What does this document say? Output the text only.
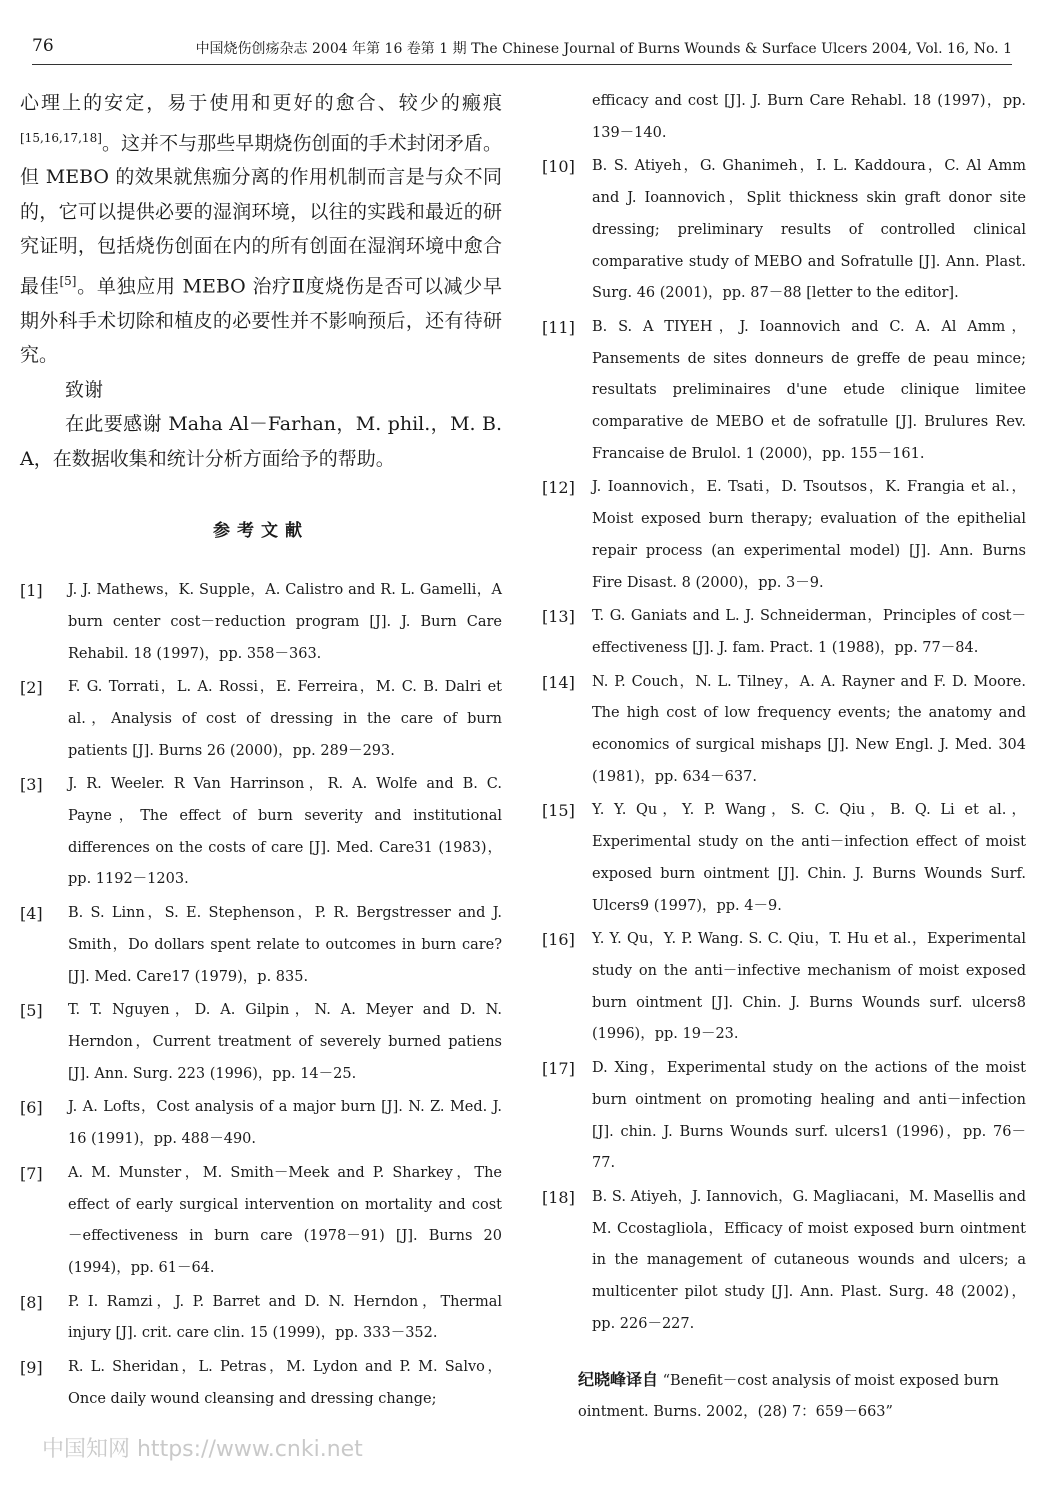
76	中国烧伤创疡杂志 2004 年第 16 卷第 1 期 The Chinese Journal of Burns Wounds & Surface Ulcers 2004, Vol. 16, No. 1

心理上的安定，易于使用和更好的愈合、较少的瘢痕[15,16,17,18]。这并不与那些早期烧伤创面的手术封闭矛盾。但 MEBO 的效果就焦痂分离的作用机制而言是与众不同的，它可以提供必要的湿润环境，以往的实践和最近的研究证明，包括烧伤创面在内的所有创面在湿润环境中愈合最佳[5]。单独应用 MEBO 治疗Ⅱ度烧伤是否可以减少早期外科手术切除和植皮的必要性并不影响预后，还有待研究。

致谢

在此要感谢 Maha Al－Farhan，M. phil.，M. B. A，在数据收集和统计分析方面给予的帮助。

参考文献
[1] J. J. Mathews，K. Supple，A. Calistro and R. L. Gamelli，A burn center cost－reduction program [J]. J. Burn Care Rehabil. 18 (1997)，pp. 358－363.
[2] F. G. Torrati，L. A. Rossi，E. Ferreira，M. C. B. Dalri et al.，Analysis of cost of dressing in the care of burn patients [J]. Burns 26 (2000)，pp. 289－293.
[3] J. R. Weeler. R Van Harrinson，R. A. Wolfe and B. C. Payne，The effect of burn severity and institutional differences on the costs of care [J]. Med. Care31 (1983)，pp. 1192－1203.
[4] B. S. Linn，S. E. Stephenson，P. R. Bergstresser and J. Smith，Do dollars spent relate to outcomes in burn care? [J]. Med. Care17 (1979)，p. 835.
[5] T. T. Nguyen，D. A. Gilpin，N. A. Meyer and D. N. Herndon，Current treatment of severely burned patiens [J]. Ann. Surg. 223 (1996)，pp. 14－25.
[6] J. A. Lofts，Cost analysis of a major burn [J]. N. Z. Med. J. 16 (1991)，pp. 488－490.
[7] A. M. Munster，M. Smith－Meek and P. Sharkey，The effect of early surgical intervention on mortality and cost－effectiveness in burn care (1978－91) [J]. Burns 20 (1994)，pp. 61－64.
[8] P. I. Ramzi，J. P. Barret and D. N. Herndon，Thermal injury [J]. crit. care clin. 15 (1999)，pp. 333－352.
[9] R. L. Sheridan，L. Petras，M. Lydon and P. M. Salvo，Once daily wound cleansing and dressing change;
efficacy and cost [J]. J. Burn Care Rehabl. 18 (1997)，pp. 139－140.
[10] B. S. Atiyeh，G. Ghanimeh，I. L. Kaddoura，C. Al Amm and J. Ioannovich，Split thickness skin graft donor site dressing; preliminary results of controlled clinical comparative study of MEBO and Sofratulle [J]. Ann. Plast. Surg. 46 (2001)，pp. 87－88 [letter to the editor].
[11] B. S. A TIYEH，J. Ioannovich and C. A. Al Amm，Pansements de sites donneurs de greffe de peau mince; resultats preliminaires d'une etude clinique limitee comparative de MEBO et de sofratulle [J]. Brulures Rev. Francaise de Brulol. 1 (2000)，pp. 155－161.
[12] J. Ioannovich，E. Tsati，D. Tsoutsos，K. Frangia et al.，Moist exposed burn therapy; evaluation of the epithelial repair process (an experimental model) [J]. Ann. Burns Fire Disast. 8 (2000)，pp. 3－9.
[13] T. G. Ganiats and L. J. Schneiderman，Principles of cost－effectiveness [J]. J. fam. Pract. 1 (1988)，pp. 77－84.
[14] N. P. Couch，N. L. Tilney，A. A. Rayner and F. D. Moore. The high cost of low frequency events; the anatomy and economics of surgical mishaps [J]. New Engl. J. Med. 304 (1981)，pp. 634－637.
[15] Y. Y. Qu，Y. P. Wang，S. C. Qiu，B. Q. Li et al.，Experimental study on the anti－infection effect of moist exposed burn ointment [J]. Chin. J. Burns Wounds Surf. Ulcers9 (1997)，pp. 4－9.
[16] Y. Y. Qu，Y. P. Wang. S. C. Qiu，T. Hu et al.，Experimental study on the anti－infective mechanism of moist exposed burn ointment [J]. Chin. J. Burns Wounds surf. ulcers8 (1996)，pp. 19－23.
[17] D. Xing，Experimental study on the actions of the moist burn ointment on promoting healing and anti－infection [J]. chin. J. Burns Wounds surf. ulcers1 (1996)，pp. 76－77.
[18] B. S. Atiyeh，J. Iannovich，G. Magliacani，M. Masellis and M. Ccostagliola，Efficacy of moist exposed burn ointment in the management of cutaneous wounds and ulcers; a multicenter pilot study [J]. Ann. Plast. Surg. 48 (2002)，pp. 226－227.
纪晓峰译自 “Benefit－cost analysis of moist exposed burn ointment. Burns. 2002，(28) 7：659－663”
中国知网 https://www.cnki.net
